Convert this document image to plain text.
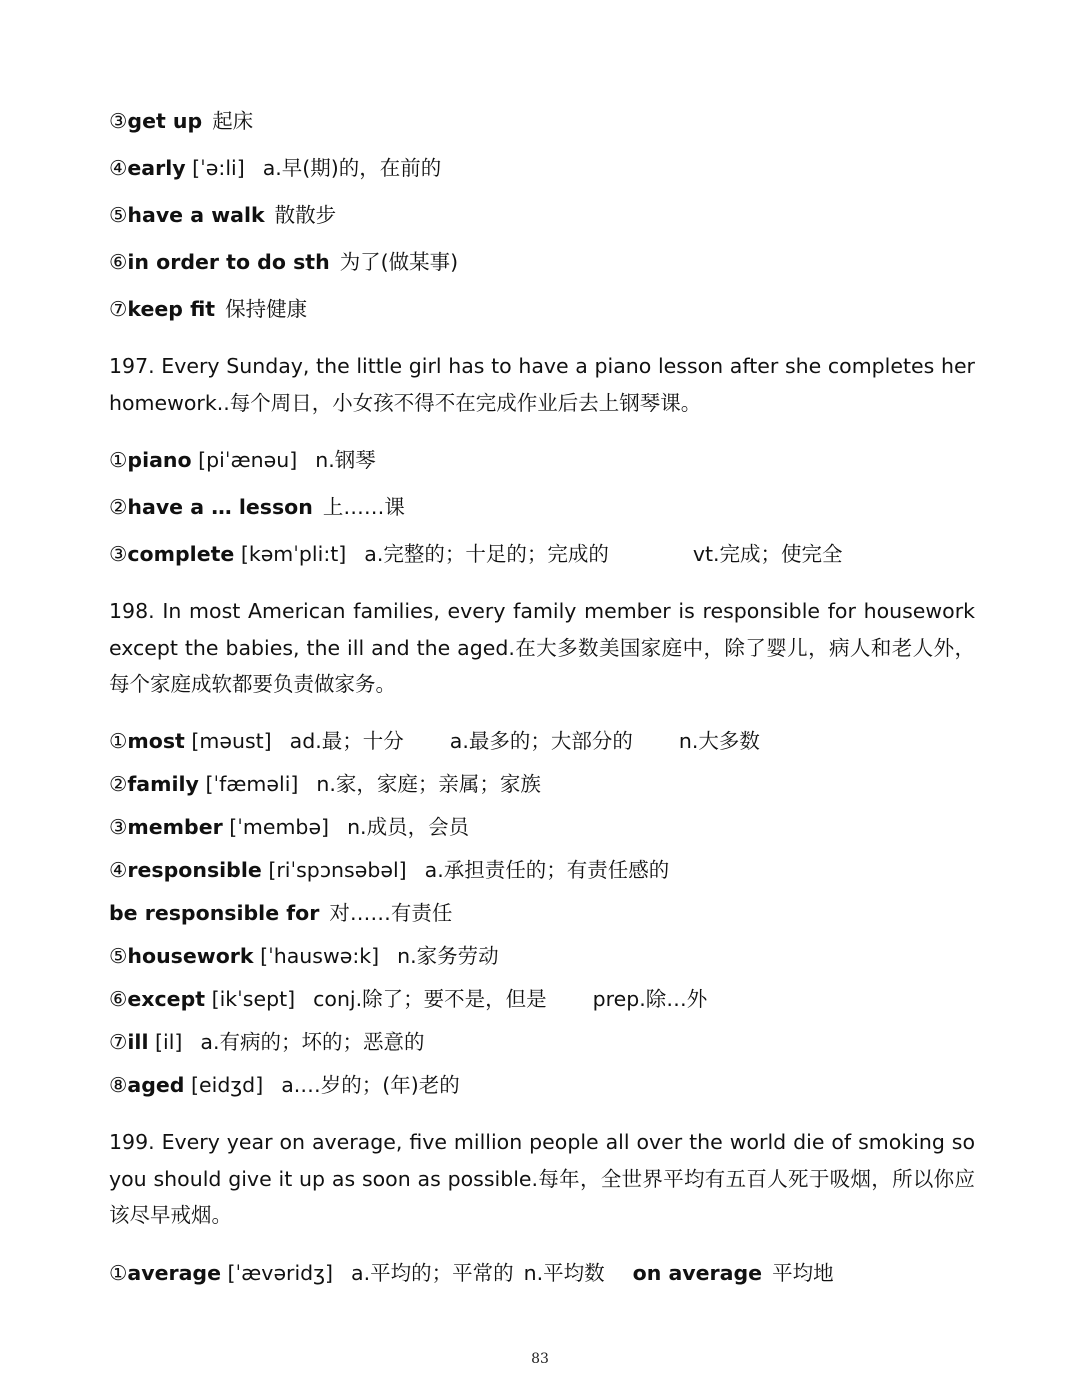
③get up 起床
④early [ˈə:li] a.早(期)的，在前的
⑤have a walk 散散步
⑥in order to do sth 为了(做某事)
⑦keep fit 保持健康
197. Every Sunday, the little girl has to have a piano lesson after she completes her homework..每个周日，小女孩不得不在完成作业后去上钢琴课。
①piano [piˈænəu] n.钢琴
②have a … lesson 上……课
③complete [kəmˈpli:t] a.完整的；十足的；完成的	vt.完成；使完全
198. In most American families, every family member is responsible for housework except the babies, the ill and the aged.在大多数美国家庭中，除了婴儿，病人和老人外，每个家庭成软都要负责做家务。
①most [məust] ad.最；十分 a.最多的；大部分的 n.大多数
②family [ˈfæməli] n.家，家庭；亲属；家族
③member [ˈmembə] n.成员，会员
④responsible [riˈspɔnsəbəl] a.承担责任的；有责任感的
be responsible for 对……有责任
⑤housework [ˈhauswə:k] n.家务劳动
⑥except [ikˈsept] conj.除了；要不是，但是 prep.除…外
⑦ill [il] a.有病的；坏的；恶意的
⑧aged [eidʒd] a.…岁的；(年)老的
199. Every year on average, five million people all over the world die of smoking so you should give it up as soon as possible.每年，全世界平均有五百人死于吸烟，所以你应该尽早戒烟。
①average [ˈævəridʒ] a.平均的；平常的 n.平均数 on average 平均地
83
